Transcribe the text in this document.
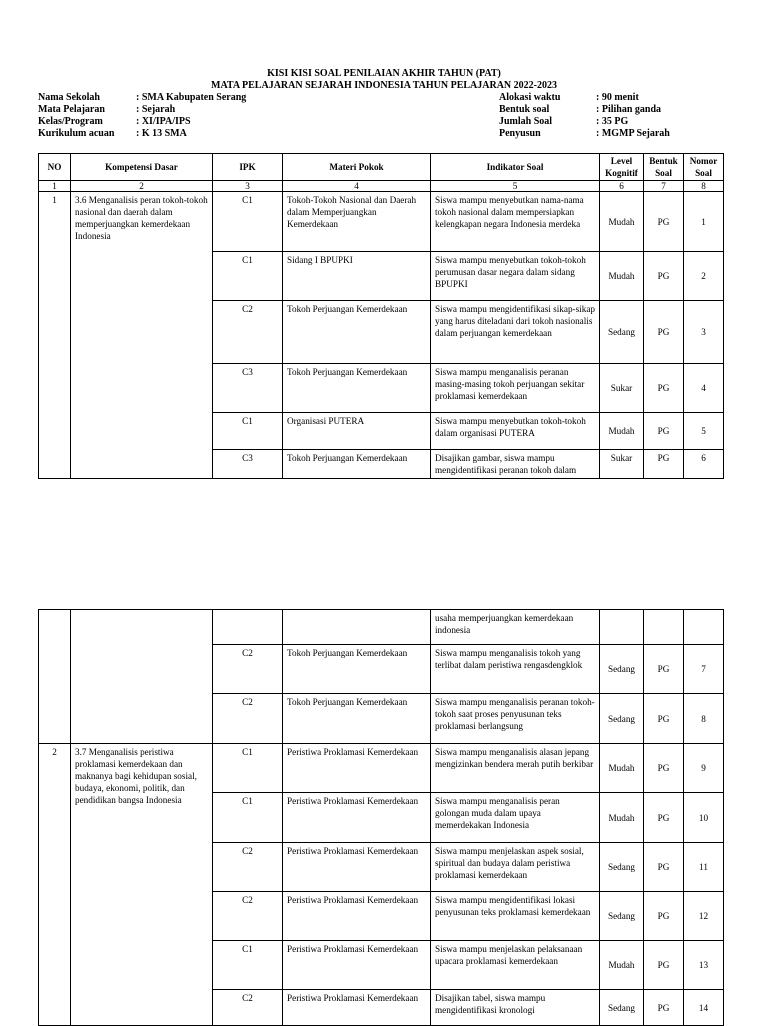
KISI KISI SOAL PENILAIAN AKHIR TAHUN (PAT)
MATA PELAJARAN SEJARAH INDONESIA TAHUN PELAJARAN 2022-2023
Nama Sekolah	: SMA Kabupaten Serang
Mata Pelajaran	: Sejarah
Kelas/Program	: XI/IPA/IPS
Kurikulum acuan : K 13 SMA
Alokasi waktu	: 90 menit
Bentuk soal	: Pilihan ganda
Jumlah Soal	: 35 PG
Penyusun	: MGMP Sejarah
NO	Kompetensi Dasar	IPK	Materi Pokok	Indikator Soal	Level Kognitif	Bentuk Soal	Nomor Soal
1	2	3	4	5	6	7	8
1	3.6 Menganalisis peran tokoh-tokoh nasional dan daerah dalam memperjuangkan kemerdekaan Indonesia	C1	Tokoh-Tokoh Nasional dan Daerah dalam Memperjuangkan Kemerdekaan	Siswa mampu menyebutkan nama-nama tokoh nasional dalam mempersiapkan kelengkapan negara Indonesia merdeka	Mudah	PG	1
		C1	Sidang I BPUPKI	Siswa mampu menyebutkan tokoh-tokoh perumusan dasar negara dalam sidang BPUPKI	Mudah	PG	2
		C2	Tokoh Perjuangan Kemerdekaan	Siswa mampu mengidentifikasi sikap-sikap yang harus diteladani dari tokoh nasionalis dalam perjuangan kemerdekaan	Sedang	PG	3
		C3	Tokoh Perjuangan Kemerdekaan	Siswa mampu menganalisis peranan masing-masing tokoh perjuangan sekitar proklamasi kemerdekaan	Sukar	PG	4
		C1	Organisasi PUTERA	Siswa mampu menyebutkan tokoh-tokoh dalam organisasi PUTERA	Mudah	PG	5
		C3	Tokoh Perjuangan Kemerdekaan	Disajikan gambar, siswa mampu mengidentifikasi peranan tokoh dalam	Sukar	PG	6
				usaha memperjuangkan kemerdekaan indonesia			
		C2	Tokoh Perjuangan Kemerdekaan	Siswa mampu menganalisis tokoh yang terlibat dalam peristiwa rengasdengklok	Sedang	PG	7
		C2	Tokoh Perjuangan Kemerdekaan	Siswa mampu menganalisis peranan tokoh-tokoh saat proses penyusunan teks proklamasi berlangsung	Sedang	PG	8
2	3.7 Menganalisis peristiwa proklamasi kemerdekaan dan maknanya bagi kehidupan sosial, budaya, ekonomi, politik, dan pendidikan bangsa Indonesia	C1	Peristiwa Proklamasi Kemerdekaan	Siswa mampu menganalisis alasan jepang mengizinkan bendera merah putih berkibar	Mudah	PG	9
		C1	Peristiwa Proklamasi Kemerdekaan	Siswa mampu menganalisis peran golongan muda dalam upaya memerdekakan Indonesia	Mudah	PG	10
		C2	Peristiwa Proklamasi Kemerdekaan	Siswa mampu menjelaskan aspek sosial, spiritual dan budaya dalam peristiwa proklamasi kemerdekaan	Sedang	PG	11
		C2	Peristiwa Proklamasi Kemerdekaan	Siswa mampu mengidentifikasi lokasi penyusunan teks proklamasi kemerdekaan	Sedang	PG	12
		C1	Peristiwa Proklamasi Kemerdekaan	Siswa mampu menjelaskan pelaksanaan upacara proklamasi kemerdekaan	Mudah	PG	13
		C2	Peristiwa Proklamasi Kemerdekaan	Disajikan tabel, siswa mampu mengidentifikasi kronologi	Sedang	PG	14
